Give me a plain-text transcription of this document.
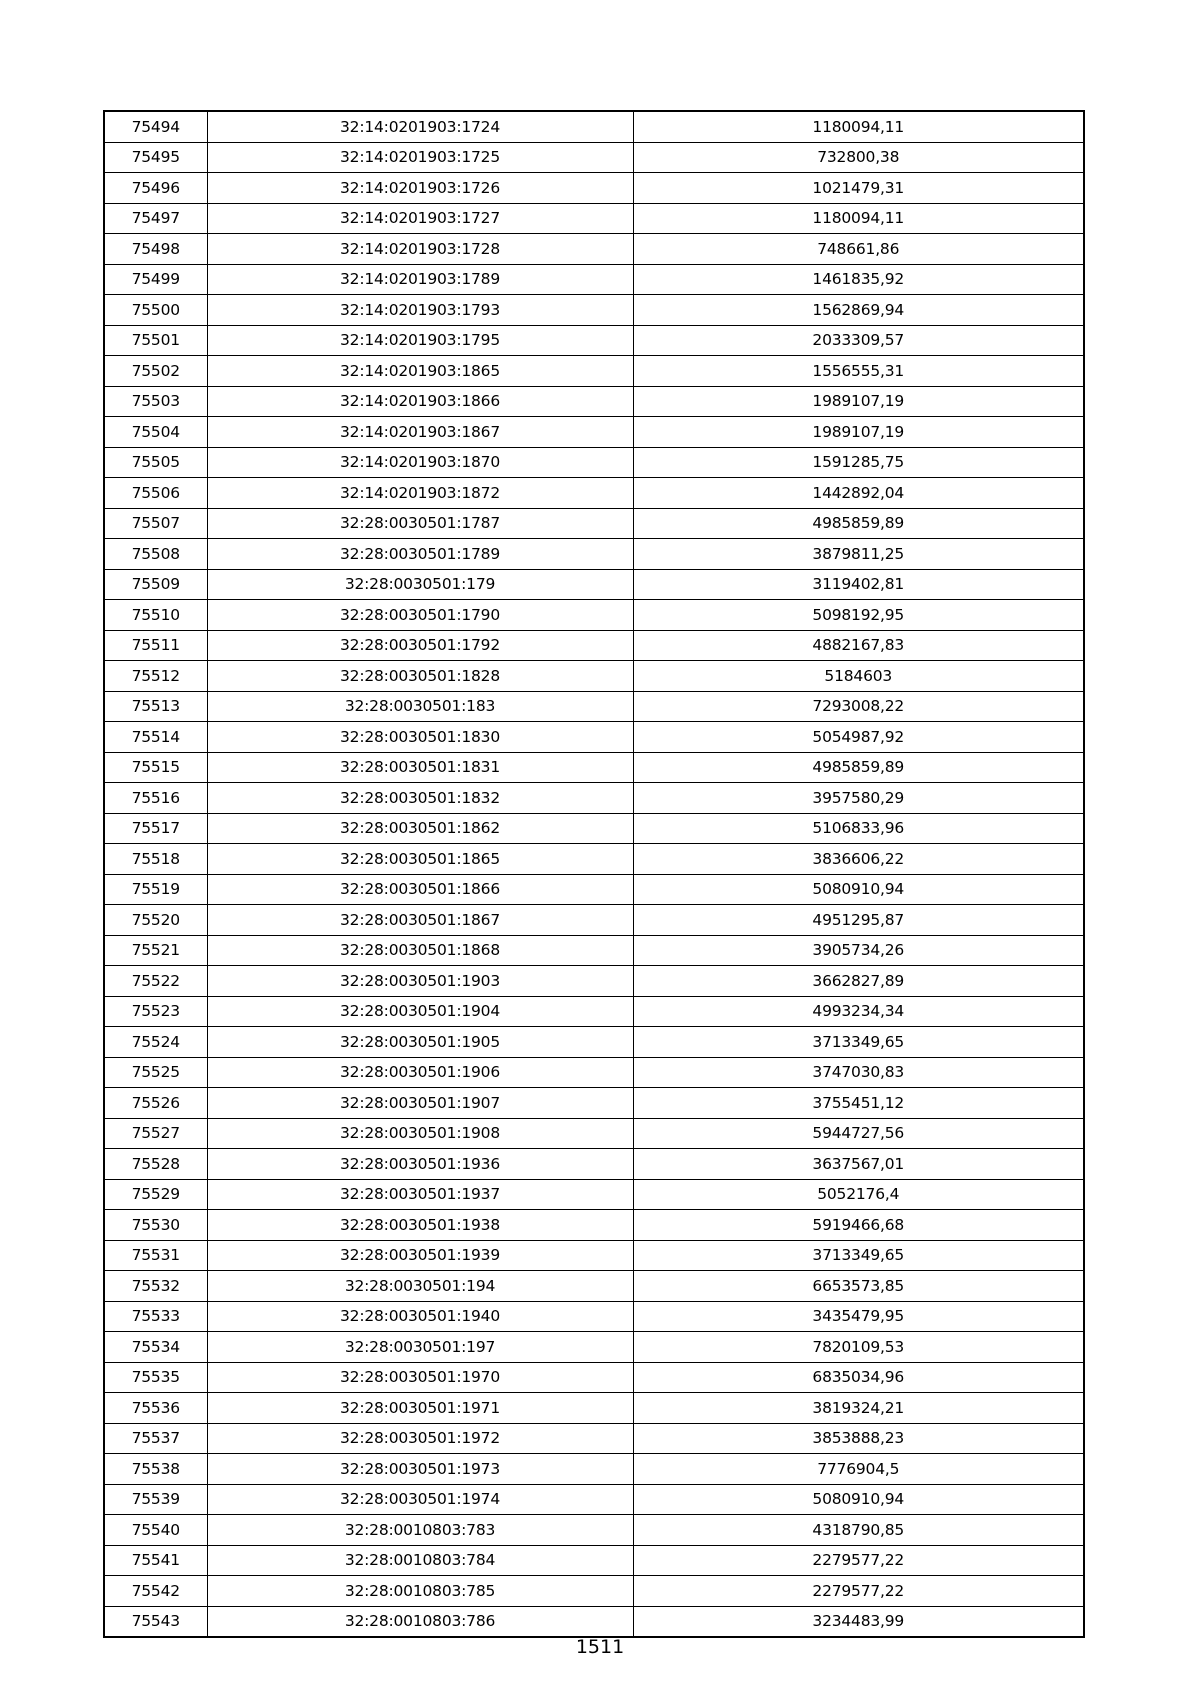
75494	32:14:0201903:1724	1180094,11
75495	32:14:0201903:1725	732800,38
75496	32:14:0201903:1726	1021479,31
75497	32:14:0201903:1727	1180094,11
75498	32:14:0201903:1728	748661,86
75499	32:14:0201903:1789	1461835,92
75500	32:14:0201903:1793	1562869,94
75501	32:14:0201903:1795	2033309,57
75502	32:14:0201903:1865	1556555,31
75503	32:14:0201903:1866	1989107,19
75504	32:14:0201903:1867	1989107,19
75505	32:14:0201903:1870	1591285,75
75506	32:14:0201903:1872	1442892,04
75507	32:28:0030501:1787	4985859,89
75508	32:28:0030501:1789	3879811,25
75509	32:28:0030501:179	3119402,81
75510	32:28:0030501:1790	5098192,95
75511	32:28:0030501:1792	4882167,83
75512	32:28:0030501:1828	5184603
75513	32:28:0030501:183	7293008,22
75514	32:28:0030501:1830	5054987,92
75515	32:28:0030501:1831	4985859,89
75516	32:28:0030501:1832	3957580,29
75517	32:28:0030501:1862	5106833,96
75518	32:28:0030501:1865	3836606,22
75519	32:28:0030501:1866	5080910,94
75520	32:28:0030501:1867	4951295,87
75521	32:28:0030501:1868	3905734,26
75522	32:28:0030501:1903	3662827,89
75523	32:28:0030501:1904	4993234,34
75524	32:28:0030501:1905	3713349,65
75525	32:28:0030501:1906	3747030,83
75526	32:28:0030501:1907	3755451,12
75527	32:28:0030501:1908	5944727,56
75528	32:28:0030501:1936	3637567,01
75529	32:28:0030501:1937	5052176,4
75530	32:28:0030501:1938	5919466,68
75531	32:28:0030501:1939	3713349,65
75532	32:28:0030501:194	6653573,85
75533	32:28:0030501:1940	3435479,95
75534	32:28:0030501:197	7820109,53
75535	32:28:0030501:1970	6835034,96
75536	32:28:0030501:1971	3819324,21
75537	32:28:0030501:1972	3853888,23
75538	32:28:0030501:1973	7776904,5
75539	32:28:0030501:1974	5080910,94
75540	32:28:0010803:783	4318790,85
75541	32:28:0010803:784	2279577,22
75542	32:28:0010803:785	2279577,22
75543	32:28:0010803:786	3234483,99
1511
